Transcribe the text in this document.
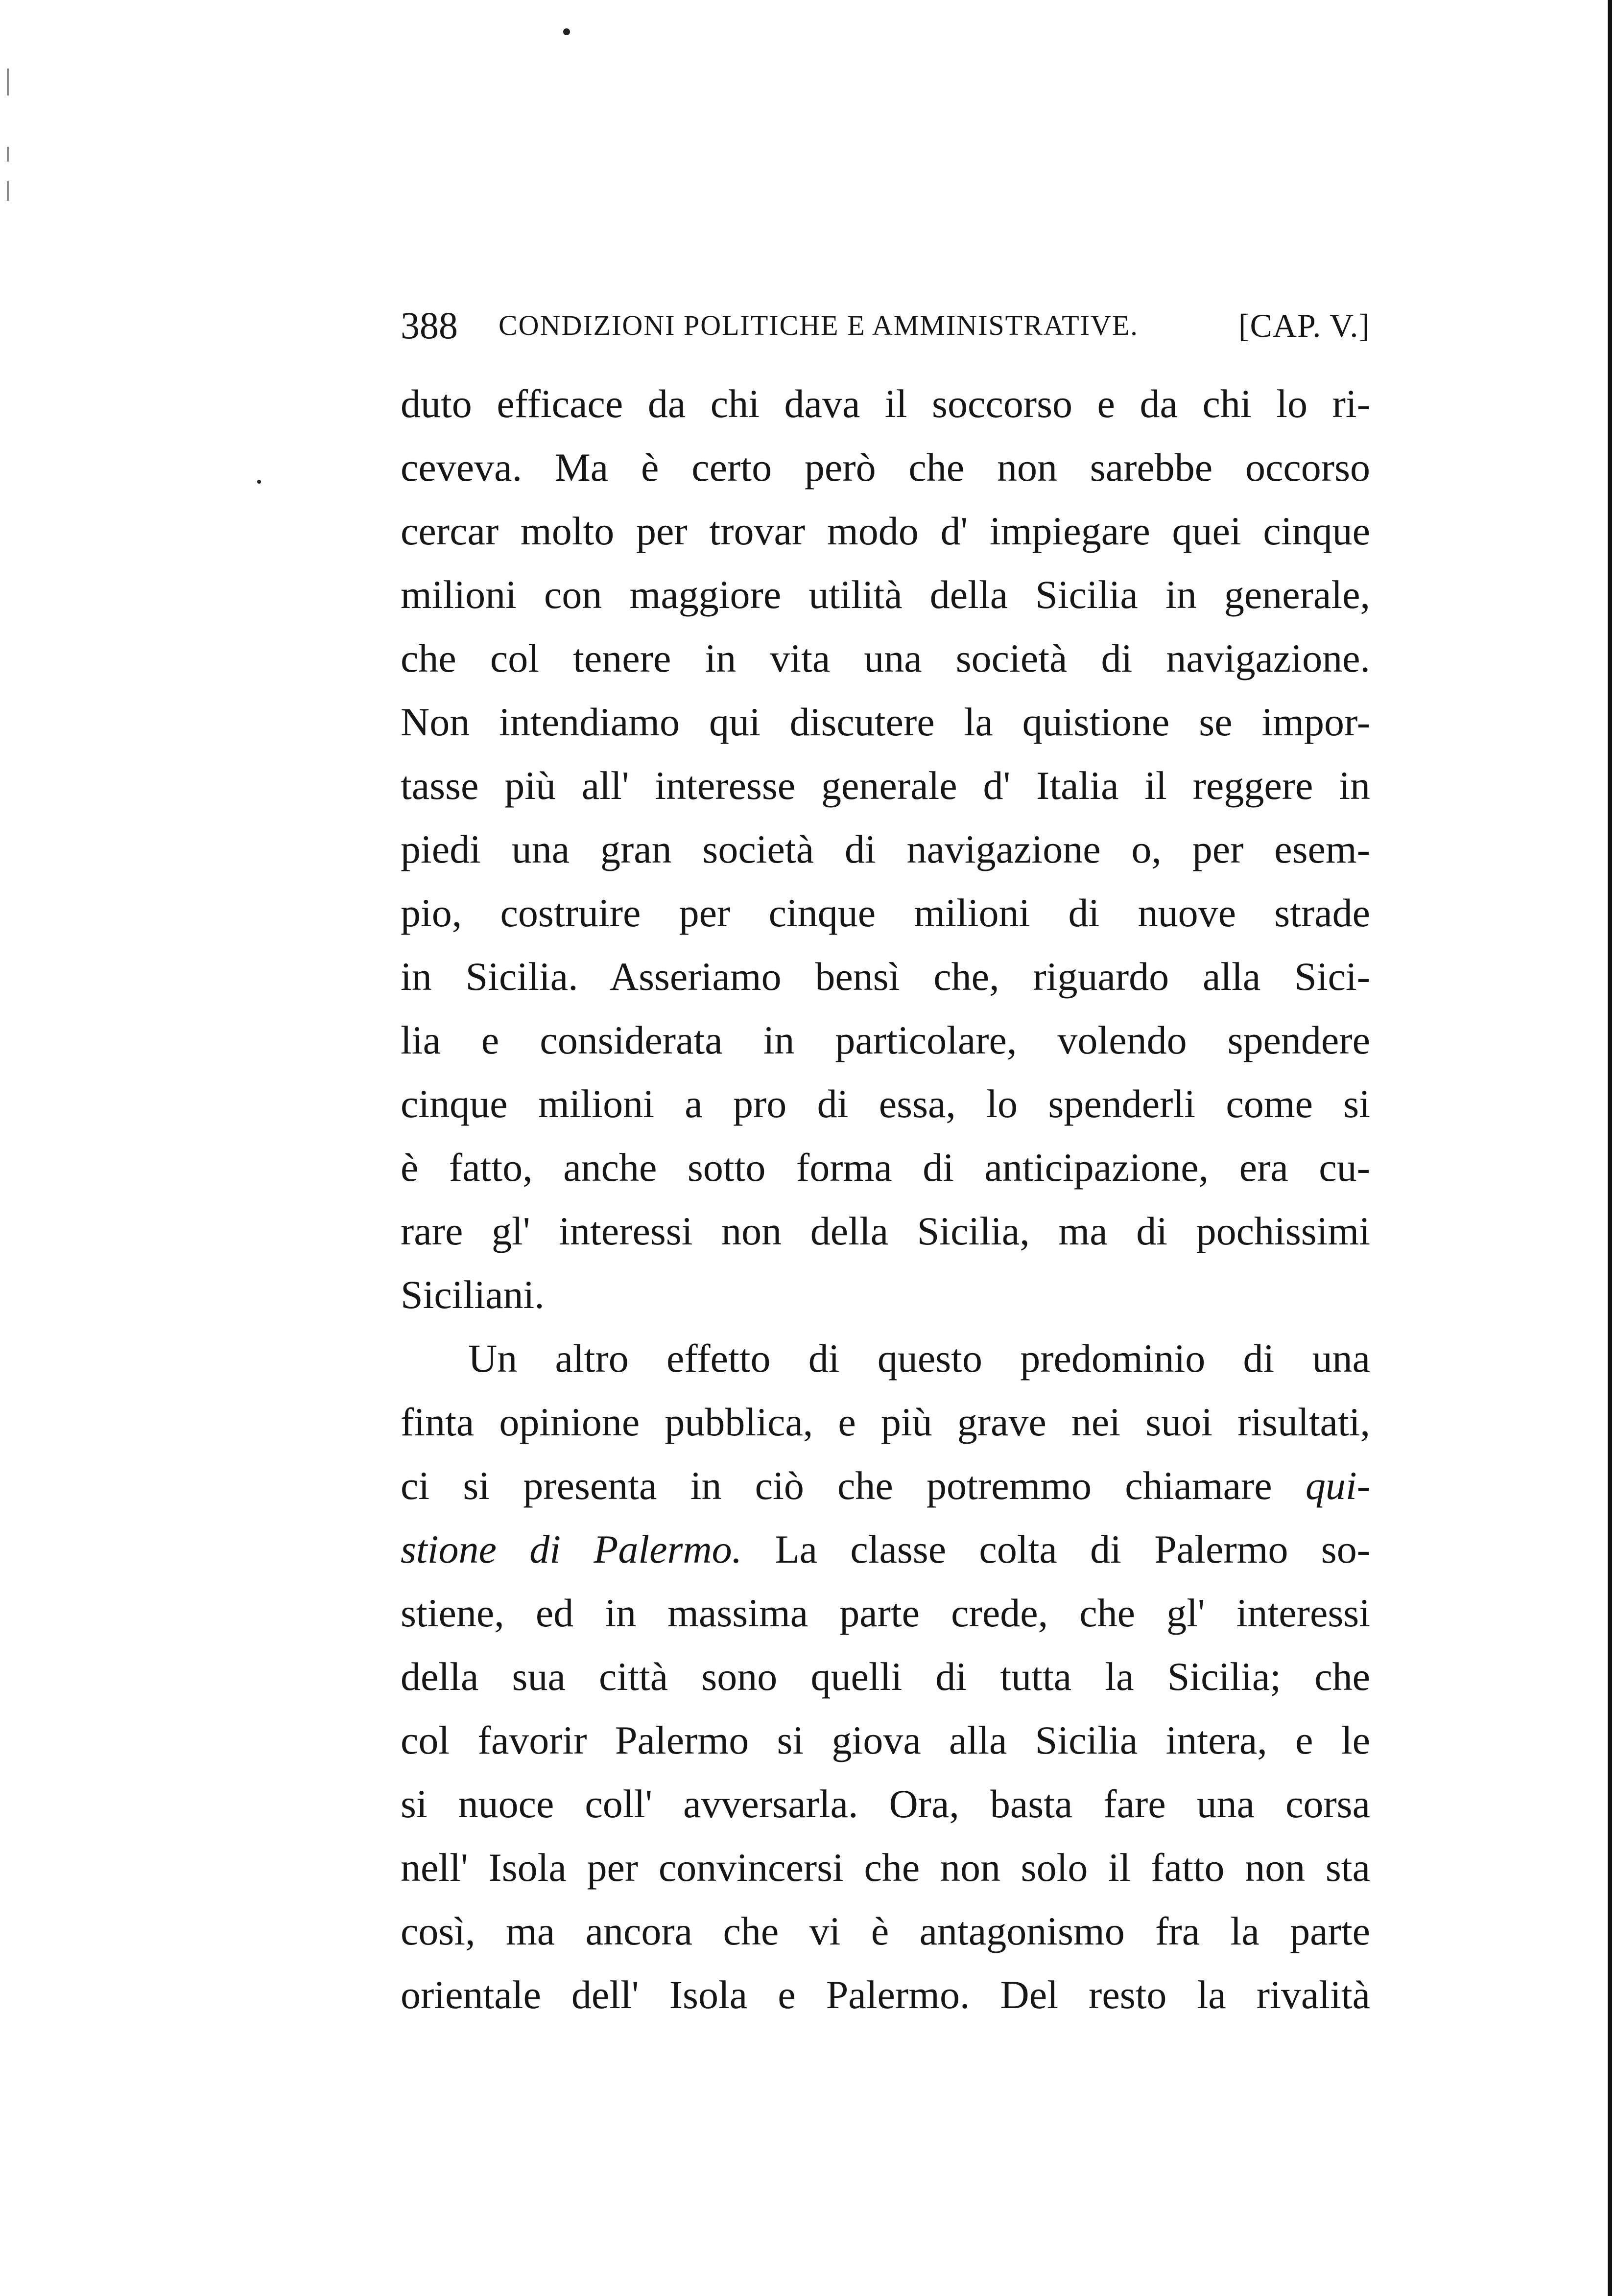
388 CONDIZIONI POLITICHE E AMMINISTRATIVE.	[CAP. V.]
duto efficace da chi dava il soccorso e da chi lo ri-
ceveva. Ma è certo però che non sarebbe occorso
cercar molto per trovar modo d' impiegare quei cinque
milioni con maggiore utilità della Sicilia in generale,
che col tenere in vita una società di navigazione.
Non intendiamo qui discutere la quistione se impor-
tasse più all' interesse generale d' Italia il reggere in
piedi una gran società di navigazione o, per esem-
pio, costruire per cinque milioni di nuove strade
in Sicilia. Asseriamo bensì che, riguardo alla Sici-
lia e considerata in particolare, volendo spendere
cinque milioni a pro di essa, lo spenderli come si
è fatto, anche sotto forma di anticipazione, era cu-
rare gl' interessi non della Sicilia, ma di pochissimi
Siciliani.
Un altro effetto di questo predominio di una
finta opinione pubblica, e più grave nei suoi risultati,
ci si presenta in ciò che potremmo chiamare qui-
stione di Palermo. La classe colta di Palermo so-
stiene, ed in massima parte crede, che gl' interessi
della sua città sono quelli di tutta la Sicilia; che
col favorir Palermo si giova alla Sicilia intera, e le
si nuoce coll' avversarla. Ora, basta fare una corsa
nell' Isola per convincersi che non solo il fatto non sta
così, ma ancora che vi è antagonismo fra la parte
orientale dell' Isola e Palermo. Del resto la rivalità
